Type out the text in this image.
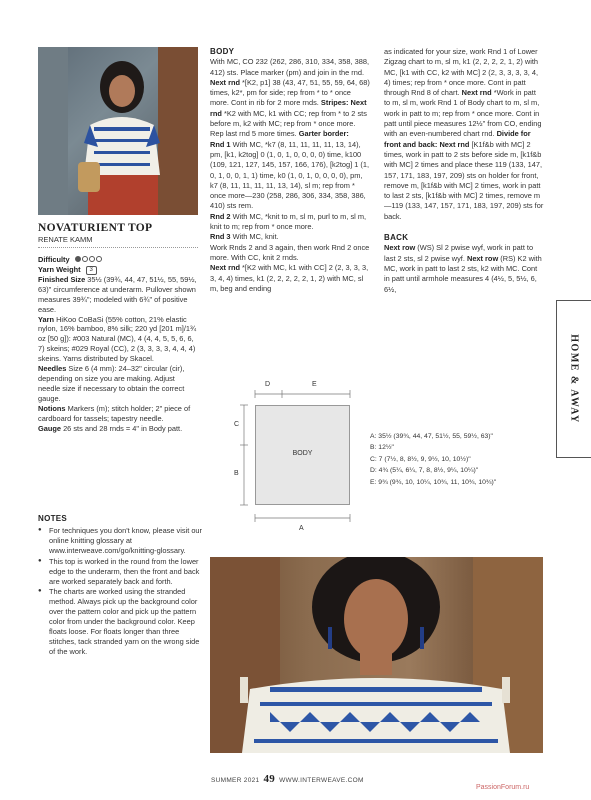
NOVATURIENT TOP
RENATE KAMM
Difficulty
Yarn Weight 3
Finished Size 35½ (39¾, 44, 47, 51½, 55, 59½, 63)" circumference at underarm. Pullover shown measures 39¾"; modeled with 6¾" of positive ease.
Yarn HiKoo CoBaSi (55% cotton, 21% elastic nylon, 16% bamboo, 8% silk; 220 yd [201 m]/1¾ oz [50 g]): #003 Natural (MC), 4 (4, 4, 5, 5, 6, 6, 7) skeins; #029 Royal (CC), 2 (3, 3, 3, 3, 4, 4, 4) skeins. Yarns distributed by Skacel.
Needles Size 6 (4 mm): 24–32" circular (cir), depending on size you are making. Adjust needle size if necessary to obtain the correct gauge.
Notions Markers (m); stitch holder; 2" piece of cardboard for tassels; tapestry needle.
Gauge 26 sts and 28 rnds = 4" in Body patt.
NOTES
● For techniques you don't know, please visit our online knitting glossary at www.interweave.com/go/knitting-glossary.
● This top is worked in the round from the lower edge to the underarm, then the front and back are worked separately back and forth.
● The charts are worked using the stranded method. Always pick up the background color over the pattern color and pick up the pattern color from under the background color. Keep floats loose. For floats longer than three stitches, tack stranded yarn on the wrong side of the work.
BODY

With MC, CO 232 (262, 286, 310, 334, 358, 388, 412) sts. Place marker (pm) and join in the rnd. Next rnd *[K2, p1] 38 (43, 47, 51, 55, 59, 64, 68) times, k2*, pm for side; rep from * to * once more. Cont in rib for 2 more rnds. Stripes: Next rnd *K2 with MC, k1 with CC; rep from * to 2 sts before m, k2 with MC; rep from * once more. Rep last rnd 5 more times. Garter border:

Rnd 1 With MC, *k7 (8, 11, 11, 11, 11, 13, 14), pm, [k1, k2tog] 0 (1, 0, 1, 0, 0, 0, 0) time, k100 (109, 121, 127, 145, 157, 166, 176), [k2tog] 1 (1, 0, 1, 0, 0, 1, 1) time, k0 (1, 0, 1, 0, 0, 0, 0), pm, k7 (8, 11, 11, 11, 11, 13, 14), sl m; rep from * once more—230 (258, 286, 306, 334, 358, 386, 410) sts rem.

Rnd 2 With MC, *knit to m, sl m, purl to m, sl m, knit to m; rep from * once more.

Rnd 3 With MC, knit.

Work Rnds 2 and 3 again, then work Rnd 2 once more. With CC, knit 2 rnds.

Next rnd *[K2 with MC, k1 with CC] 2 (2, 3, 3, 3, 3, 4, 4) times, k1 (2, 2, 2, 2, 2, 1, 2) with MC, sl m, beg and ending

as indicated for your size, work Rnd 1 of Lower Zigzag chart to m, sl m, k1 (2, 2, 2, 2, 1, 2) with MC, [k1 with CC, k2 with MC] 2 (2, 3, 3, 3, 3, 4, 4) times; rep from * once more. Cont in patt through Rnd 8 of chart. Next rnd *Work in patt to m, sl m, work Rnd 1 of Body chart to m, sl m, work in patt to m; rep from * once more. Cont in patt until piece measures 12½" from CO, ending with an even-numbered chart rnd. Divide for front and back: Next rnd [K1f&b with MC] 2 times, work in patt to 2 sts before side m, [k1f&b with MC] 2 times and place these 119 (133, 147, 157, 171, 183, 197, 209) sts on holder for front, remove m, [k1f&b with MC] 2 times, work in patt to last 2 sts, [k1f&b with MC] 2 times, remove m—119 (133, 147, 157, 171, 183, 197, 209) sts for back.

BACK

Next row (WS) Sl 2 pwise wyf, work in patt to last 2 sts, sl 2 pwise wyf. Next row (RS) K2 with MC, work in patt to last 2 sts, k2 with MC. Cont in patt until armhole measures 4 (4½, 5, 5½, 6, 6½,

HOME & AWAY
BODY
D	E
C
B
A
A: 35½ (39¾, 44, 47, 51½, 55, 59½, 63)"
B: 12½"
C: 7 (7½, 8, 8½, 9, 9½, 10, 10½)"
D: 4¾ (5¼, 6¼, 7, 8, 8½, 9¼, 10¼)"
E: 9¾ (9¾, 10, 10¼, 10¾, 11, 10¾, 10¾)"
SUMMER 2021 49 WWW.INTERWEAVE.COM
PassionForum.ru
